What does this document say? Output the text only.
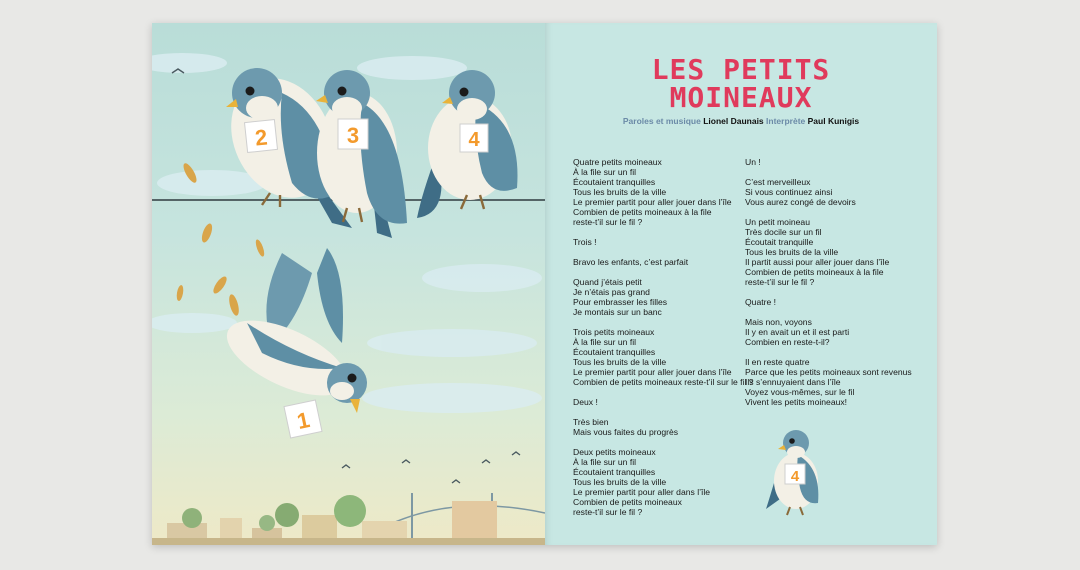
2	3	4
1
LES PETITS
MOINEAUX
Paroles et musique Lionel Daunais Interprète Paul Kunigis
Quatre petits moineaux
À la file sur un fil
Écoutaient tranquilles
Tous les bruits de la ville
Le premier partit pour aller jouer dans l’île
Combien de petits moineaux à la file
reste-t’il sur le fil ?

Trois !

Bravo les enfants, c’est parfait

Quand j’étais petit
Je n’étais pas grand
Pour embrasser les filles
Je montais sur un banc

Trois petits moineaux
À la file sur un fil
Écoutaient tranquilles
Tous les bruits de la ville
Le premier partit pour aller jouer dans l’île
Combien de petits moineaux reste-t’il sur le fil ?

Deux !

Très bien
Mais vous faites du progrès

Deux petits moineaux
À la file sur un fil
Écoutaient tranquilles
Tous les bruits de la ville
Le premier partit pour aller dans l’île
Combien de petits moineaux
reste-t’il sur le fil ?
Un !

C’est merveilleux
Si vous continuez ainsi
Vous aurez congé de devoirs

Un petit moineau
Très docile sur un fil
Écoutait tranquille
Tous les bruits de la ville
Il partit aussi pour aller jouer dans l’île
Combien de petits moineaux à la file
reste-t’il sur le fil ?

Quatre !

Mais non, voyons
Il y en avait un et il est parti
Combien en reste-t-il?

Il en reste quatre
Parce que les petits moineaux sont revenus
Ils s’ennuyaient dans l’île
Voyez vous-mêmes, sur le fil
Vivent les petits moineaux!
4
